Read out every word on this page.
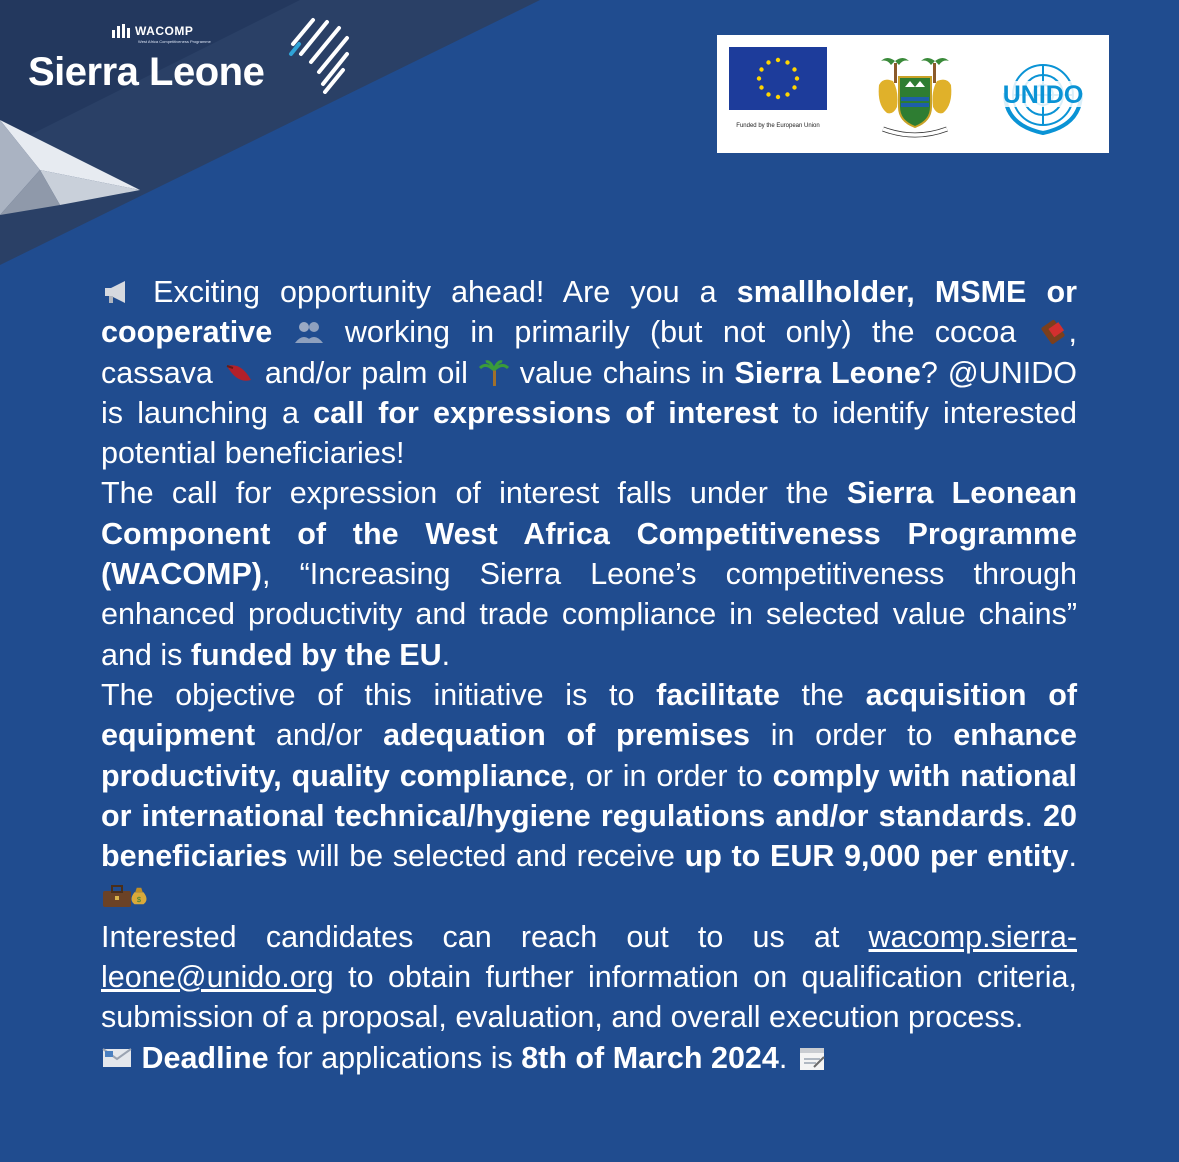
WACOMP
West Africa Competitiveness Programme
Sierra Leone
Funded by the European Union
UNIDO

Exciting opportunity ahead! Are you a smallholder, MSME or cooperative  working in primarily (but not only) the cocoa , cassava  and/or palm oil  value chains in Sierra Leone? @UNIDO is launching a call for expressions of interest to identify interested potential beneficiaries!

The call for expression of interest falls under the Sierra Leonean Component of the West Africa Competitiveness Programme (WACOMP), “Increasing Sierra Leone’s competitiveness through enhanced productivity and trade compliance in selected value chains” and is funded by the EU.

The objective of this initiative is to facilitate the acquisition of equipment and/or adequation of premises in order to enhance productivity, quality compliance, or in order to comply with national or international technical/hygiene regulations and/or standards. 20 beneficiaries will be selected and receive up to EUR 9,000 per entity.
$

Interested candidates can reach out to us at wacomp.sierra-leone@unido.org to obtain further information on qualification criteria, submission of a proposal, evaluation, and overall execution process.

Deadline for applications is 8th of March 2024.
